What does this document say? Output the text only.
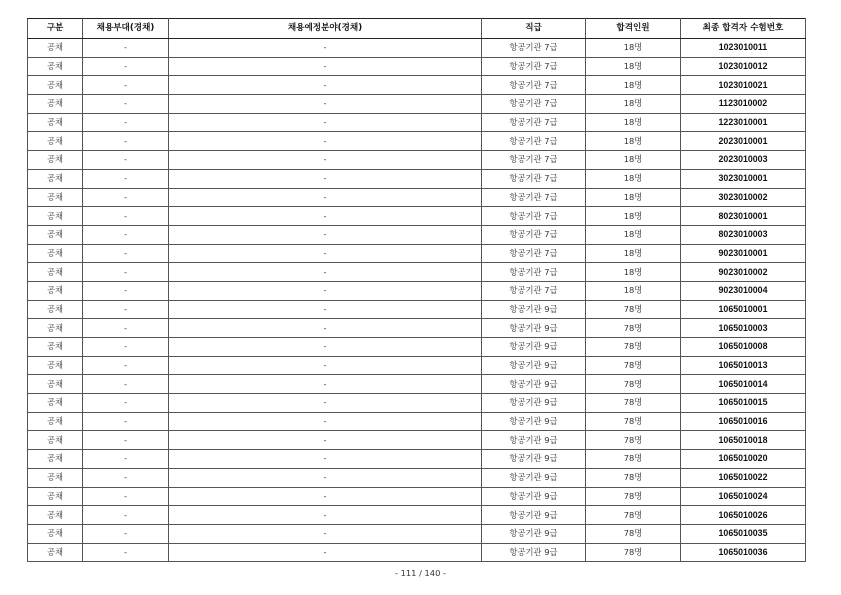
구분	채용부대(경채)	채용예정분야(경채)	직급	합격인원	최종 합격자 수험번호
공채	-	-	항공기관 7급	18명	1023010011
공채	-	-	항공기관 7급	18명	1023010012
공채	-	-	항공기관 7급	18명	1023010021
공채	-	-	항공기관 7급	18명	1123010002
공채	-	-	항공기관 7급	18명	1223010001
공채	-	-	항공기관 7급	18명	2023010001
공채	-	-	항공기관 7급	18명	2023010003
공채	-	-	항공기관 7급	18명	3023010001
공채	-	-	항공기관 7급	18명	3023010002
공채	-	-	항공기관 7급	18명	8023010001
공채	-	-	항공기관 7급	18명	8023010003
공채	-	-	항공기관 7급	18명	9023010001
공채	-	-	항공기관 7급	18명	9023010002
공채	-	-	항공기관 7급	18명	9023010004
공채	-	-	항공기관 9급	78명	1065010001
공채	-	-	항공기관 9급	78명	1065010003
공채	-	-	항공기관 9급	78명	1065010008
공채	-	-	항공기관 9급	78명	1065010013
공채	-	-	항공기관 9급	78명	1065010014
공채	-	-	항공기관 9급	78명	1065010015
공채	-	-	항공기관 9급	78명	1065010016
공채	-	-	항공기관 9급	78명	1065010018
공채	-	-	항공기관 9급	78명	1065010020
공채	-	-	항공기관 9급	78명	1065010022
공채	-	-	항공기관 9급	78명	1065010024
공채	-	-	항공기관 9급	78명	1065010026
공채	-	-	항공기관 9급	78명	1065010035
공채	-	-	항공기관 9급	78명	1065010036
- 111 / 140 -
